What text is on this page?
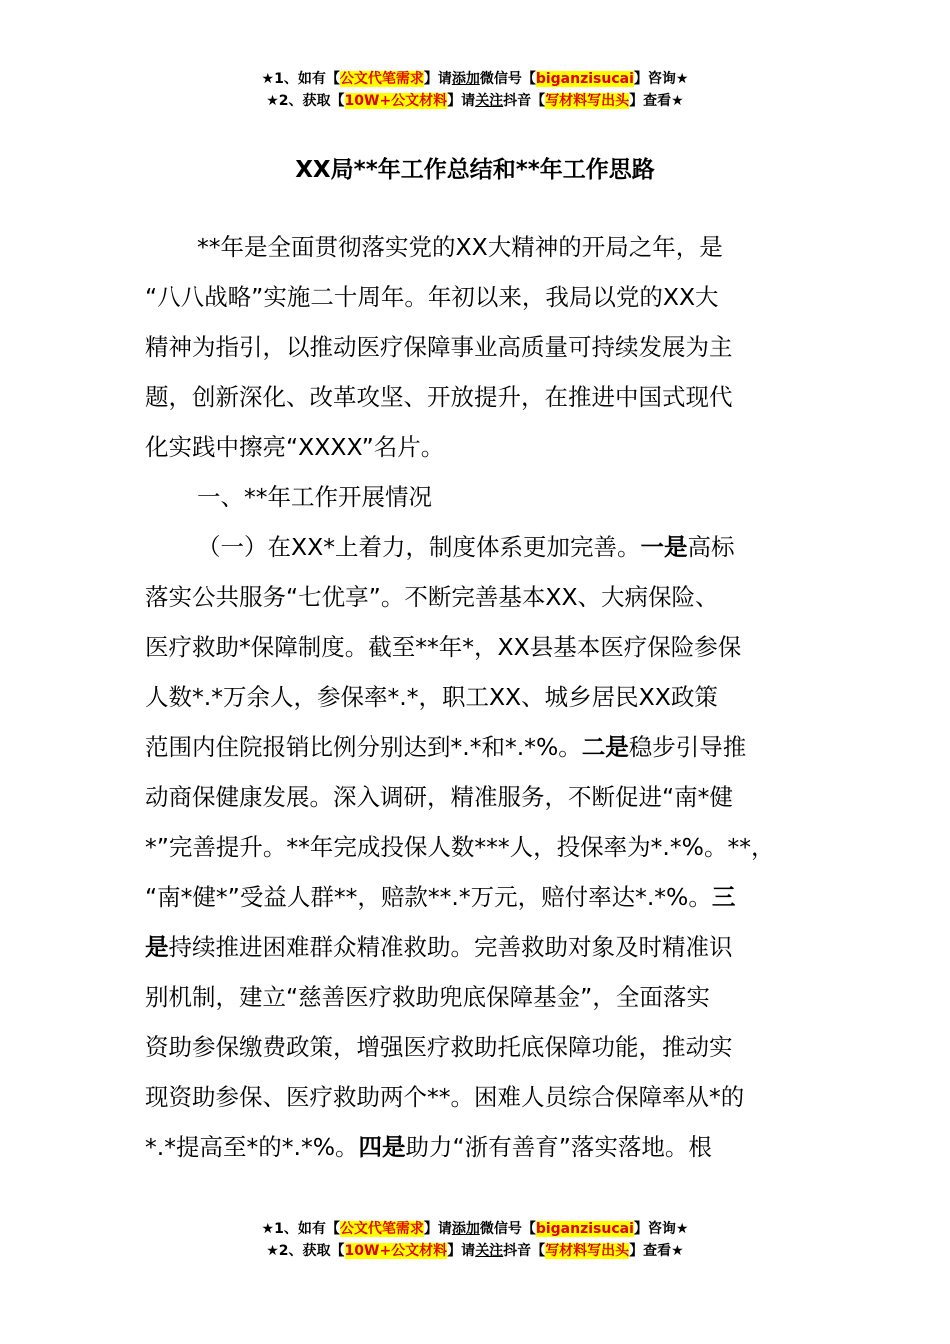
★1、如有【公文代笔需求】请添加微信号【biganzisucai】咨询★
★2、获取【10W+公文材料】请关注抖音【写材料写出头】查看★
XX局**年工作总结和**年工作思路

**年是全面贯彻落实党的XX大精神的开局之年，是
“八八战略”实施二十周年。年初以来，我局以党的XX大
精神为指引，以推动医疗保障事业高质量可持续发展为主
题，创新深化、改革攻坚、开放提升，在推进中国式现代
化实践中擦亮“XXXX”名片。

一、**年工作开展情况

（一）在XX*上着力，制度体系更加完善。一是高标
落实公共服务“七优享”。不断完善基本XX、大病保险、
医疗救助*保障制度。截至**年*，XX县基本医疗保险参保
人数*.*万余人，参保率*.*，职工XX、城乡居民XX政策
范围内住院报销比例分别达到*.*和*.*%。二是稳步引导推
动商保健康发展。深入调研，精准服务，不断促进“南*健
*”完善提升。**年完成投保人数***人，投保率为*.*%。**，
“南*健*”受益人群**，赔款**.*万元，赔付率达*.*%。三
是持续推进困难群众精准救助。完善救助对象及时精准识
别机制，建立“慈善医疗救助兜底保障基金”，全面落实
资助参保缴费政策，增强医疗救助托底保障功能，推动实
现资助参保、医疗救助两个**。困难人员综合保障率从*的
*.*提高至*的*.*%。四是助力“浙有善育”落实落地。根

★1、如有【公文代笔需求】请添加微信号【biganzisucai】咨询★
★2、获取【10W+公文材料】请关注抖音【写材料写出头】查看★
